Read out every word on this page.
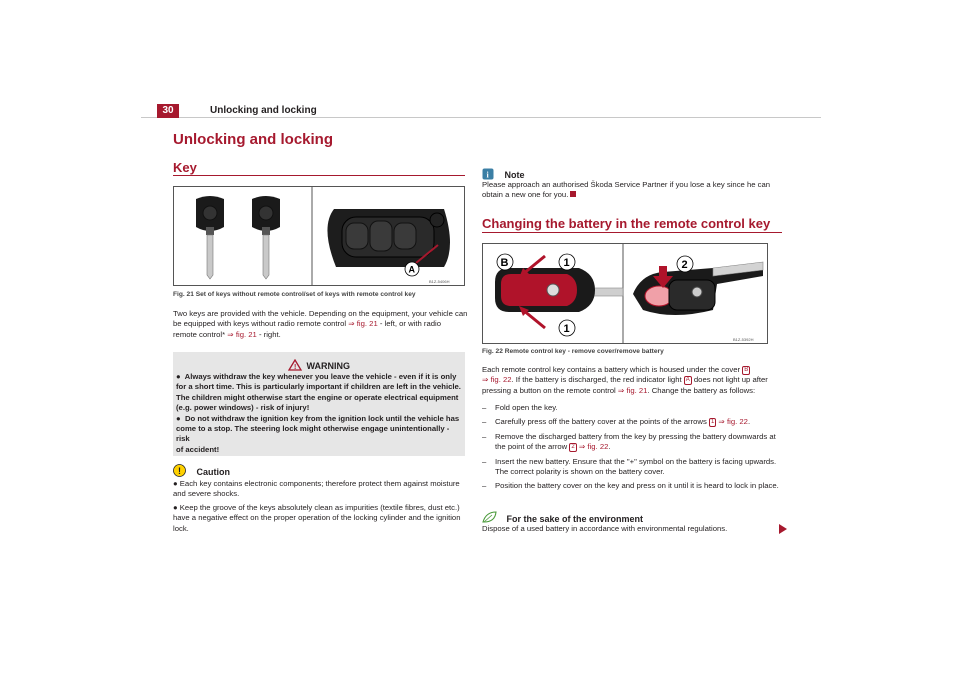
30	Unlocking and locking
Unlocking and locking
Key
A
B1Z-5406H
Fig. 21 Set of keys without remote control/set of keys with remote control key
Two keys are provided with the vehicle. Depending on the equipment, your vehicle can
be equipped with keys without radio remote control ⇒ fig. 21 - left, or with radio
remote control* ⇒ fig. 21 - right.
! WARNING
● Always withdraw the key whenever you leave the vehicle - even if it is only
for a short time. This is particularly important if children are left in the vehicle.
The children might otherwise start the engine or operate electrical equipment
(e.g. power windows) - risk of injury!
● Do not withdraw the ignition key from the ignition lock until the vehicle has
come to a stop. The steering lock might otherwise engage unintentionally - risk
of accident!
! Caution
● Each key contains electronic components; therefore protect them against moisture
and severe shocks.
● Keep the groove of the keys absolutely clean as impurities (textile fibres, dust etc.)
have a negative effect on the proper operation of the locking cylinder and the ignition
lock.
i Note
Please approach an authorised Škoda Service Partner if you lose a key since he can
obtain a new one for you.
Changing the battery in the remote control key
B	1
1
2
B1Z-5392H
Fig. 22 Remote control key - remove cover/remove battery
Each remote control key contains a battery which is housed under the cover B
⇒ fig. 22. If the battery is discharged, the red indicator light A does not light up after
pressing a button on the remote control ⇒ fig. 21. Change the battery as follows:
– Fold open the key.
– Carefully press off the battery cover at the points of the arrows 1 ⇒ fig. 22.
– Remove the discharged battery from the key by pressing the battery downwards at
the point of the arrow 2 ⇒ fig. 22.
– Insert the new battery. Ensure that the "+" symbol on the battery is facing upwards.
The correct polarity is shown on the battery cover.
– Position the battery cover on the key and press on it until it is heard to lock in place.
For the sake of the environment
Dispose of a used battery in accordance with environmental regulations.
